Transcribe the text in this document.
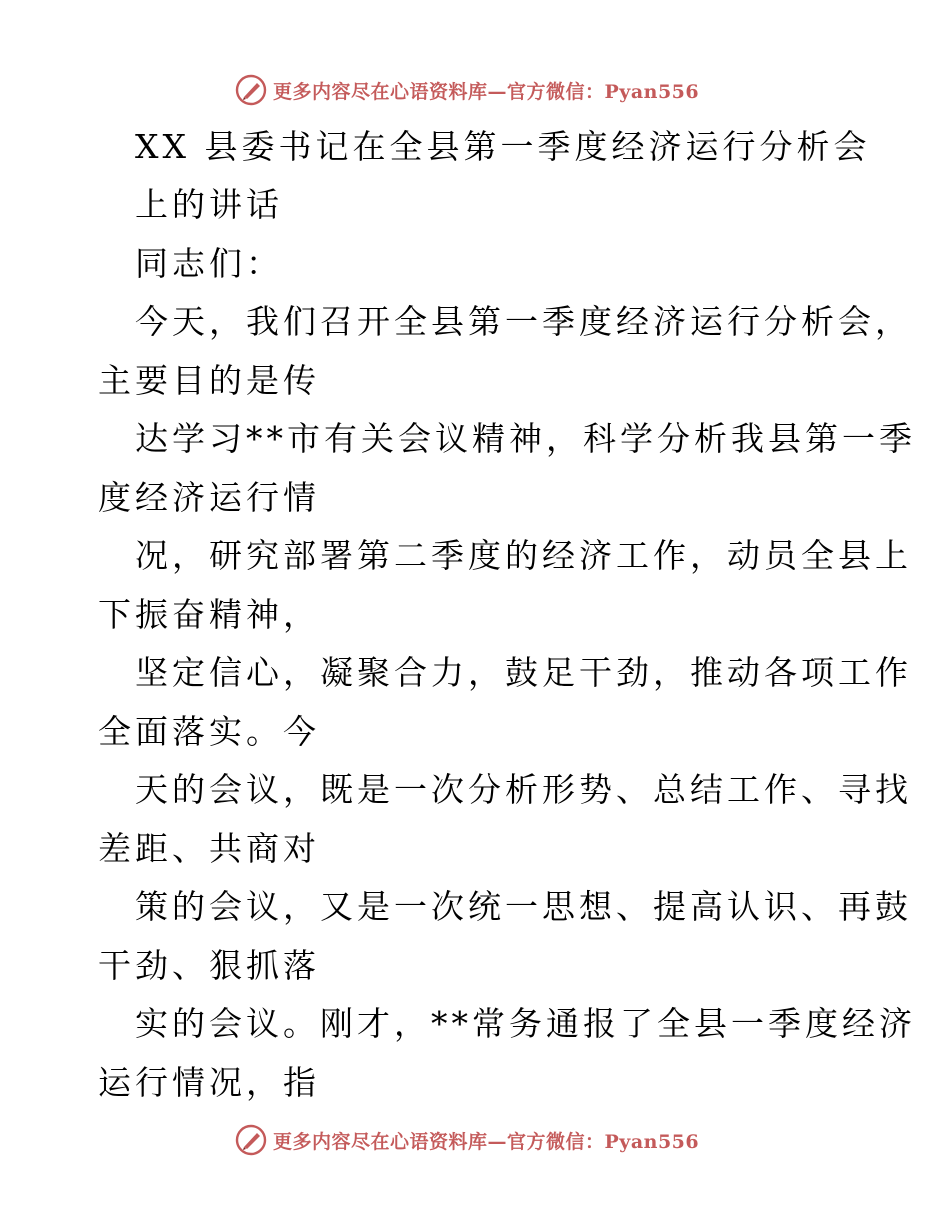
更多内容尽在心语资料库—官方微信：Pyan556
XX 县委书记在全县第一季度经济运行分析会
上的讲话
同志们：
今天，我们召开全县第一季度经济运行分析会，
主要目的是传
达学习**市有关会议精神，科学分析我县第一季
度经济运行情
况，研究部署第二季度的经济工作，动员全县上
下振奋精神，
坚定信心，凝聚合力，鼓足干劲，推动各项工作
全面落实。今
天的会议，既是一次分析形势、总结工作、寻找
差距、共商对
策的会议，又是一次统一思想、提高认识、再鼓
干劲、狠抓落
实的会议。刚才，**常务通报了全县一季度经济
运行情况，指
更多内容尽在心语资料库—官方微信：Pyan556
